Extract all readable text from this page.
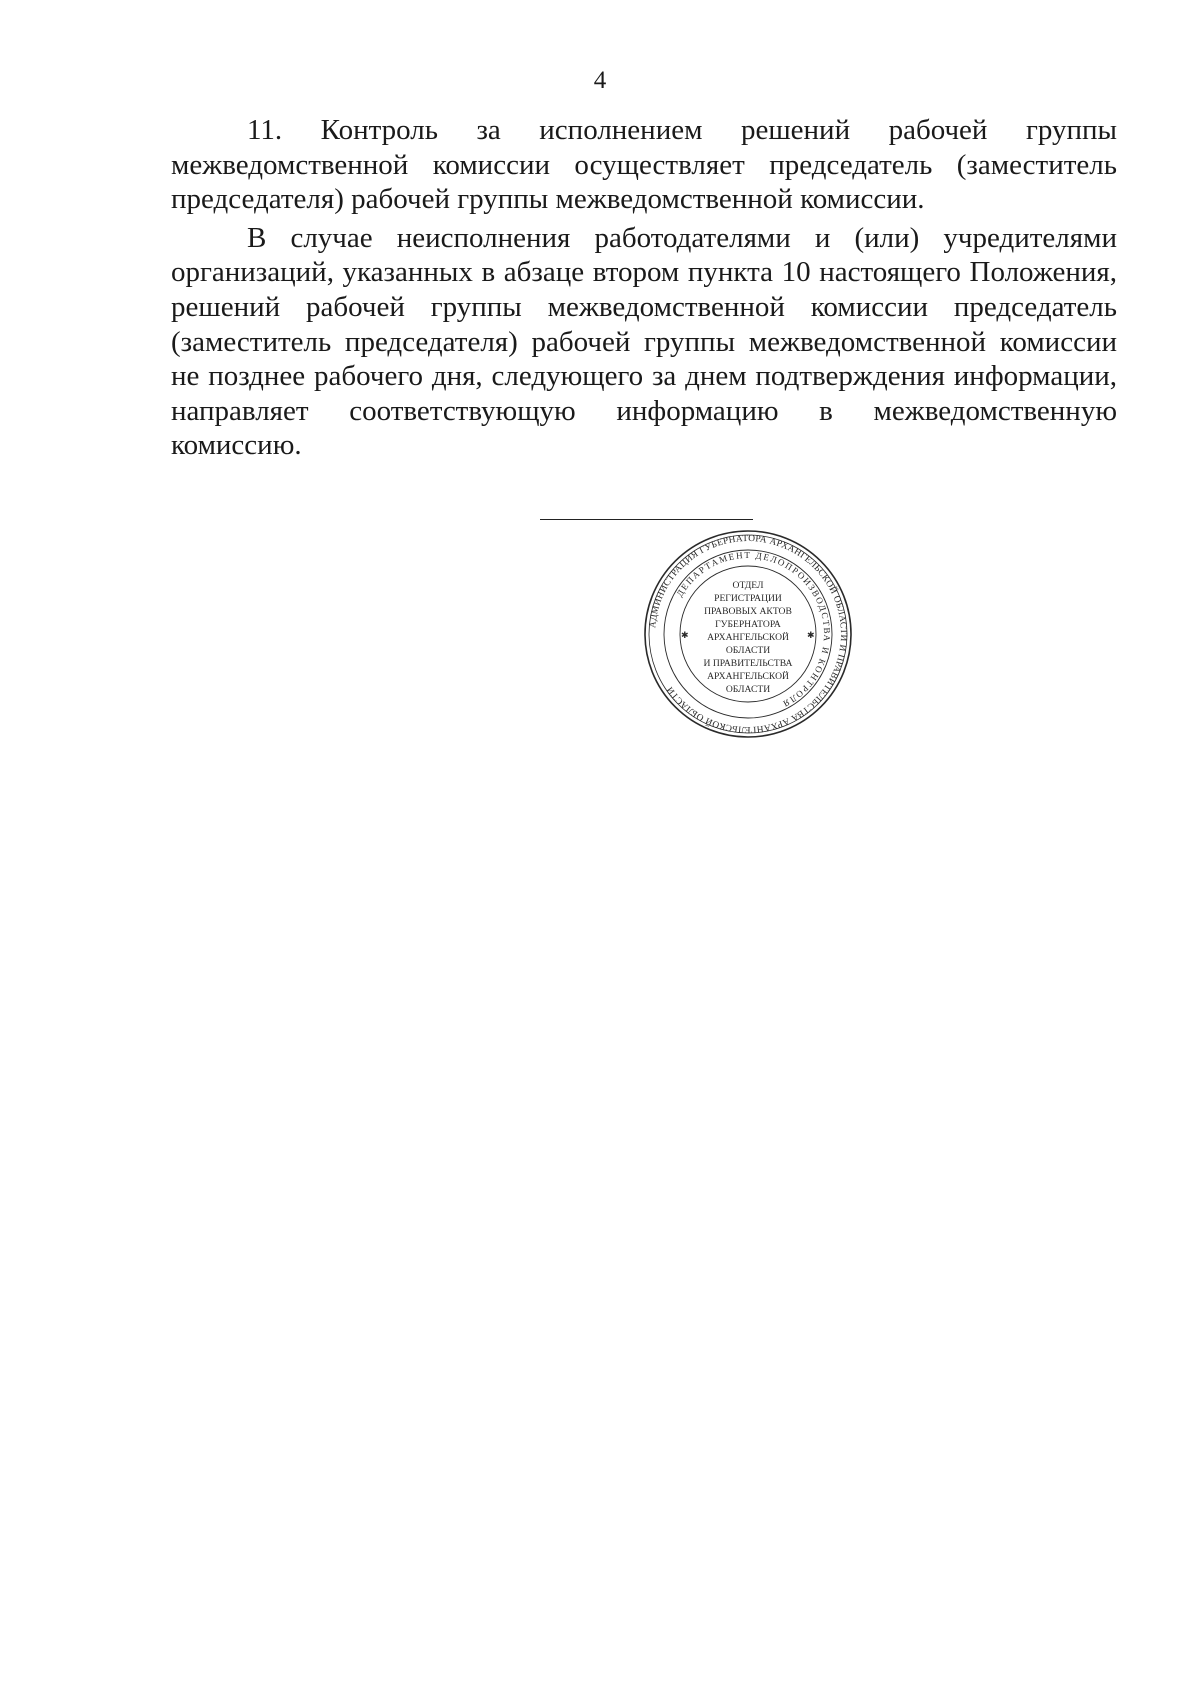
4

11. Контроль за исполнением решений рабочей группы межведомственной комиссии осуществляет председатель (заместитель председателя) рабочей группы межведомственной комиссии.

В случае неисполнения работодателями и (или) учредителями организаций, указанных в абзаце втором пункта 10 настоящего Положения, решений рабочей группы межведомственной комиссии председатель (заместитель председателя) рабочей группы межведомственной комиссии не позднее рабочего дня, следующего за днем подтверждения информации, направляет соответствующую информацию в межведомственную комиссию.

АДМИНИСТРАЦИЯ ГУБЕРНАТОРА АРХАНГЕЛЬСКОЙ ОБЛАСТИ И ПРАВИТЕЛЬСТВА АРХАНГЕЛЬСКОЙ ОБЛАСТИ
ДЕПАРТАМЕНТ ДЕЛОПРОИЗВОДСТВА И КОНТРОЛЯ
✱	✱
ОТДЕЛ
РЕГИСТРАЦИИ
ПРАВОВЫХ АКТОВ
ГУБЕРНАТОРА
АРХАНГЕЛЬСКОЙ
ОБЛАСТИ
И ПРАВИТЕЛЬСТВА
АРХАНГЕЛЬСКОЙ
ОБЛАСТИ
